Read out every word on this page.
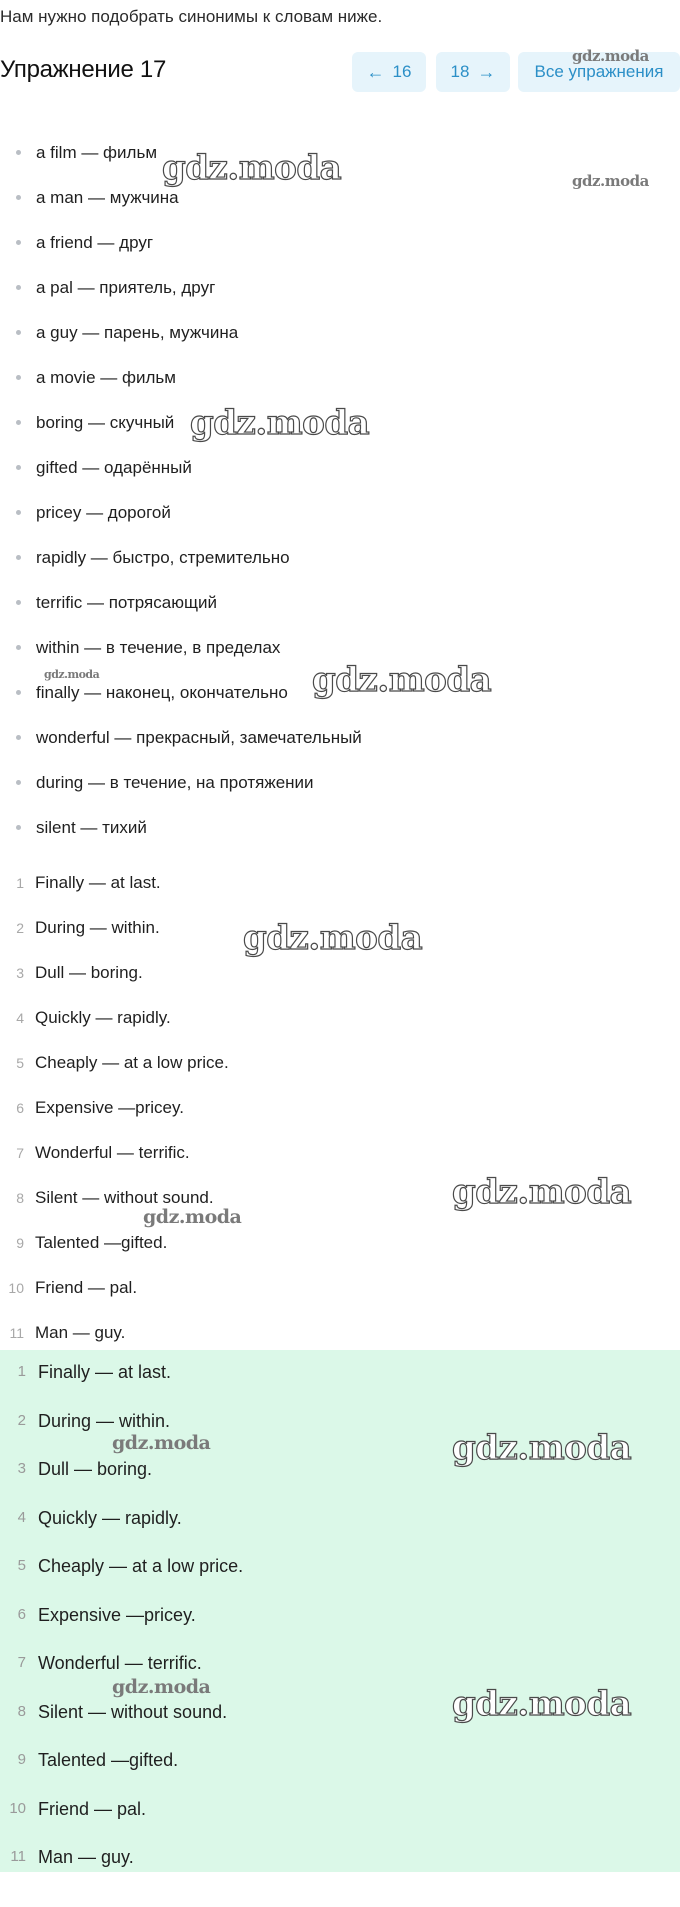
Нам нужно подобрать синонимы к словам ниже.
Упражнение 17	← 16 18 → Все упражнения
a film — фильм
a man — мужчина
a friend — друг
a pal — приятель, друг
a guy — парень, мужчина
a movie — фильм
boring — скучный
gifted — одарённый
pricey — дорогой
rapidly — быстро, стремительно
terrific — потрясающий
within — в течение, в пределах
finally — наконец, окончательно
wonderful — прекрасный, замечательный
during — в течение, на протяжении
silent — тихий
1 Finally — at last.
2 During — within.
3 Dull — boring.
4 Quickly — rapidly.
5 Cheaply — at a low price.
6 Expensive —pricey.
7 Wonderful — terrific.
8 Silent — without sound.
9 Talented —gifted.
10 Friend — pal.
11 Man — guy.
1 Finally — at last.
2 During — within.
3 Dull — boring.
4 Quickly — rapidly.
5 Cheaply — at a low price.
6 Expensive —pricey.
7 Wonderful — terrific.
8 Silent — without sound.
9 Talented —gifted.
10 Friend — pal.
11 Man — guy.
gdz.moda
gdz.moda	gdz.moda
gdz.moda
gdz.moda	gdz.moda
gdz.moda
gdz.moda
gdz.moda
gdz.moda	gdz.moda
gdz.moda	gdz.moda
